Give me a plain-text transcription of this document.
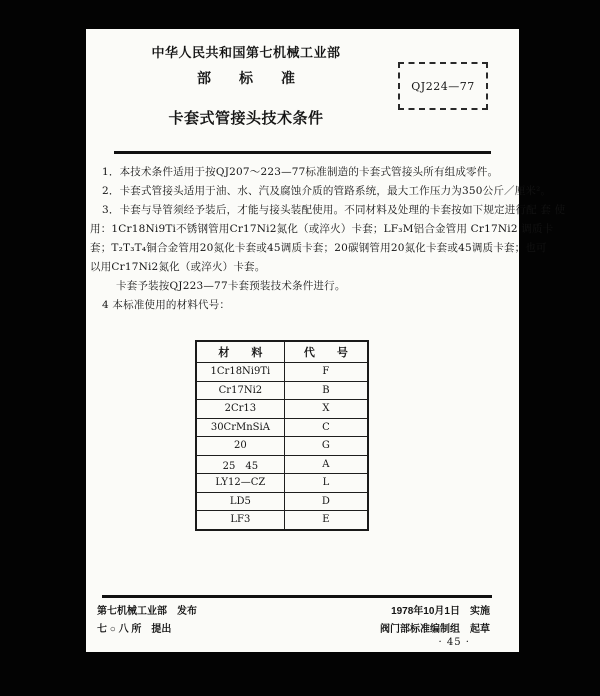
中华人民共和国第七机械工业部
部　　标　　准
卡套式管接头技术条件
QJ224—77

1．本技术条件适用于按QJ207～223—77标准制造的卡套式管接头所有组成零件。

2．卡套式管接头适用于油、水、汽及腐蚀介质的管路系统，最大工作压力为350公斤／厘米²。

3．卡套与导管须经予装后，才能与接头装配使用。不同材料及处理的卡套按如下规定进行配 套 使

用：1Cr18Ni9Ti不锈钢管用Cr17Ni2氮化（或淬火）卡套；LF₃M铝合金管用 Cr17Ni2 调质卡

套；T₂T₃T₄铜合金管用20氮化卡套或45调质卡套；20碳钢管用20氮化卡套或45调质卡套；也可

以用Cr17Ni2氮化（或淬火）卡套。

卡套予装按QJ223—77卡套预装技术条件进行。

4 本标准使用的材料代号：

材　　料	代　　号
1Cr18Ni9Ti	F
Cr17Ni2	B
2Cr13	X
30CrMnSiA	C
20	G
25　45	A
LY12—CZ	L
LD5	D
LF3	E
第七机械工业部　发布
七 ○ 八 所　提出
1978年10月1日　实施
阀门部标准编制组　起草
· 45 ·
